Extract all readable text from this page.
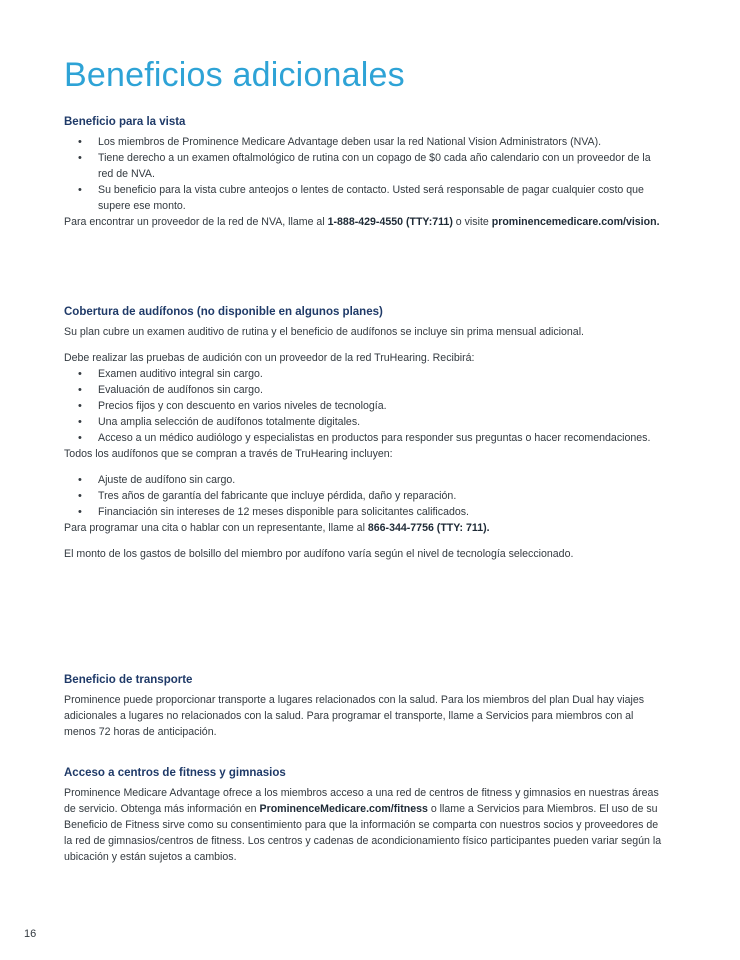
Beneficios adicionales
Beneficio para la vista
• Los miembros de Prominence Medicare Advantage deben usar la red National Vision Administrators (NVA).
• Tiene derecho a un examen oftalmológico de rutina con un copago de $0 cada año calendario con un proveedor de la red de NVA.
• Su beneficio para la vista cubre anteojos o lentes de contacto. Usted será responsable de pagar cualquier costo que supere ese monto.

Para encontrar un proveedor de la red de NVA, llame al 1-888-429-4550 (TTY:711) o visite prominencemedicare.com/vision.

Cobertura de audífonos (no disponible en algunos planes)

Su plan cubre un examen auditivo de rutina y el beneficio de audífonos se incluye sin prima mensual adicional.

Debe realizar las pruebas de audición con un proveedor de la red TruHearing. Recibirá:

• Examen auditivo integral sin cargo.
• Evaluación de audífonos sin cargo.
• Precios fijos y con descuento en varios niveles de tecnología.
• Una amplia selección de audífonos totalmente digitales.
• Acceso a un médico audiólogo y especialistas en productos para responder sus preguntas o hacer recomendaciones.

Todos los audífonos que se compran a través de TruHearing incluyen:

• Ajuste de audífono sin cargo.
• Tres años de garantía del fabricante que incluye pérdida, daño y reparación.
• Financiación sin intereses de 12 meses disponible para solicitantes calificados.

Para programar una cita o hablar con un representante, llame al 866-344-7756 (TTY: 711).

El monto de los gastos de bolsillo del miembro por audífono varía según el nivel de tecnología seleccionado.

Beneficio de transporte

Prominence puede proporcionar transporte a lugares relacionados con la salud. Para los miembros del plan Dual hay viajes adicionales a lugares no relacionados con la salud. Para programar el transporte, llame a Servicios para miembros con al menos 72 horas de anticipación.

Acceso a centros de fitness y gimnasios

Prominence Medicare Advantage ofrece a los miembros acceso a una red de centros de fitness y gimnasios en nuestras áreas de servicio. Obtenga más información en ProminenceMedicare.com/fitness o llame a Servicios para Miembros. El uso de su Beneficio de Fitness sirve como su consentimiento para que la información se comparta con nuestros socios y proveedores de la red de gimnasios/centros de fitness. Los centros y cadenas de acondicionamiento físico participantes pueden variar según la ubicación y están sujetos a cambios.

16
